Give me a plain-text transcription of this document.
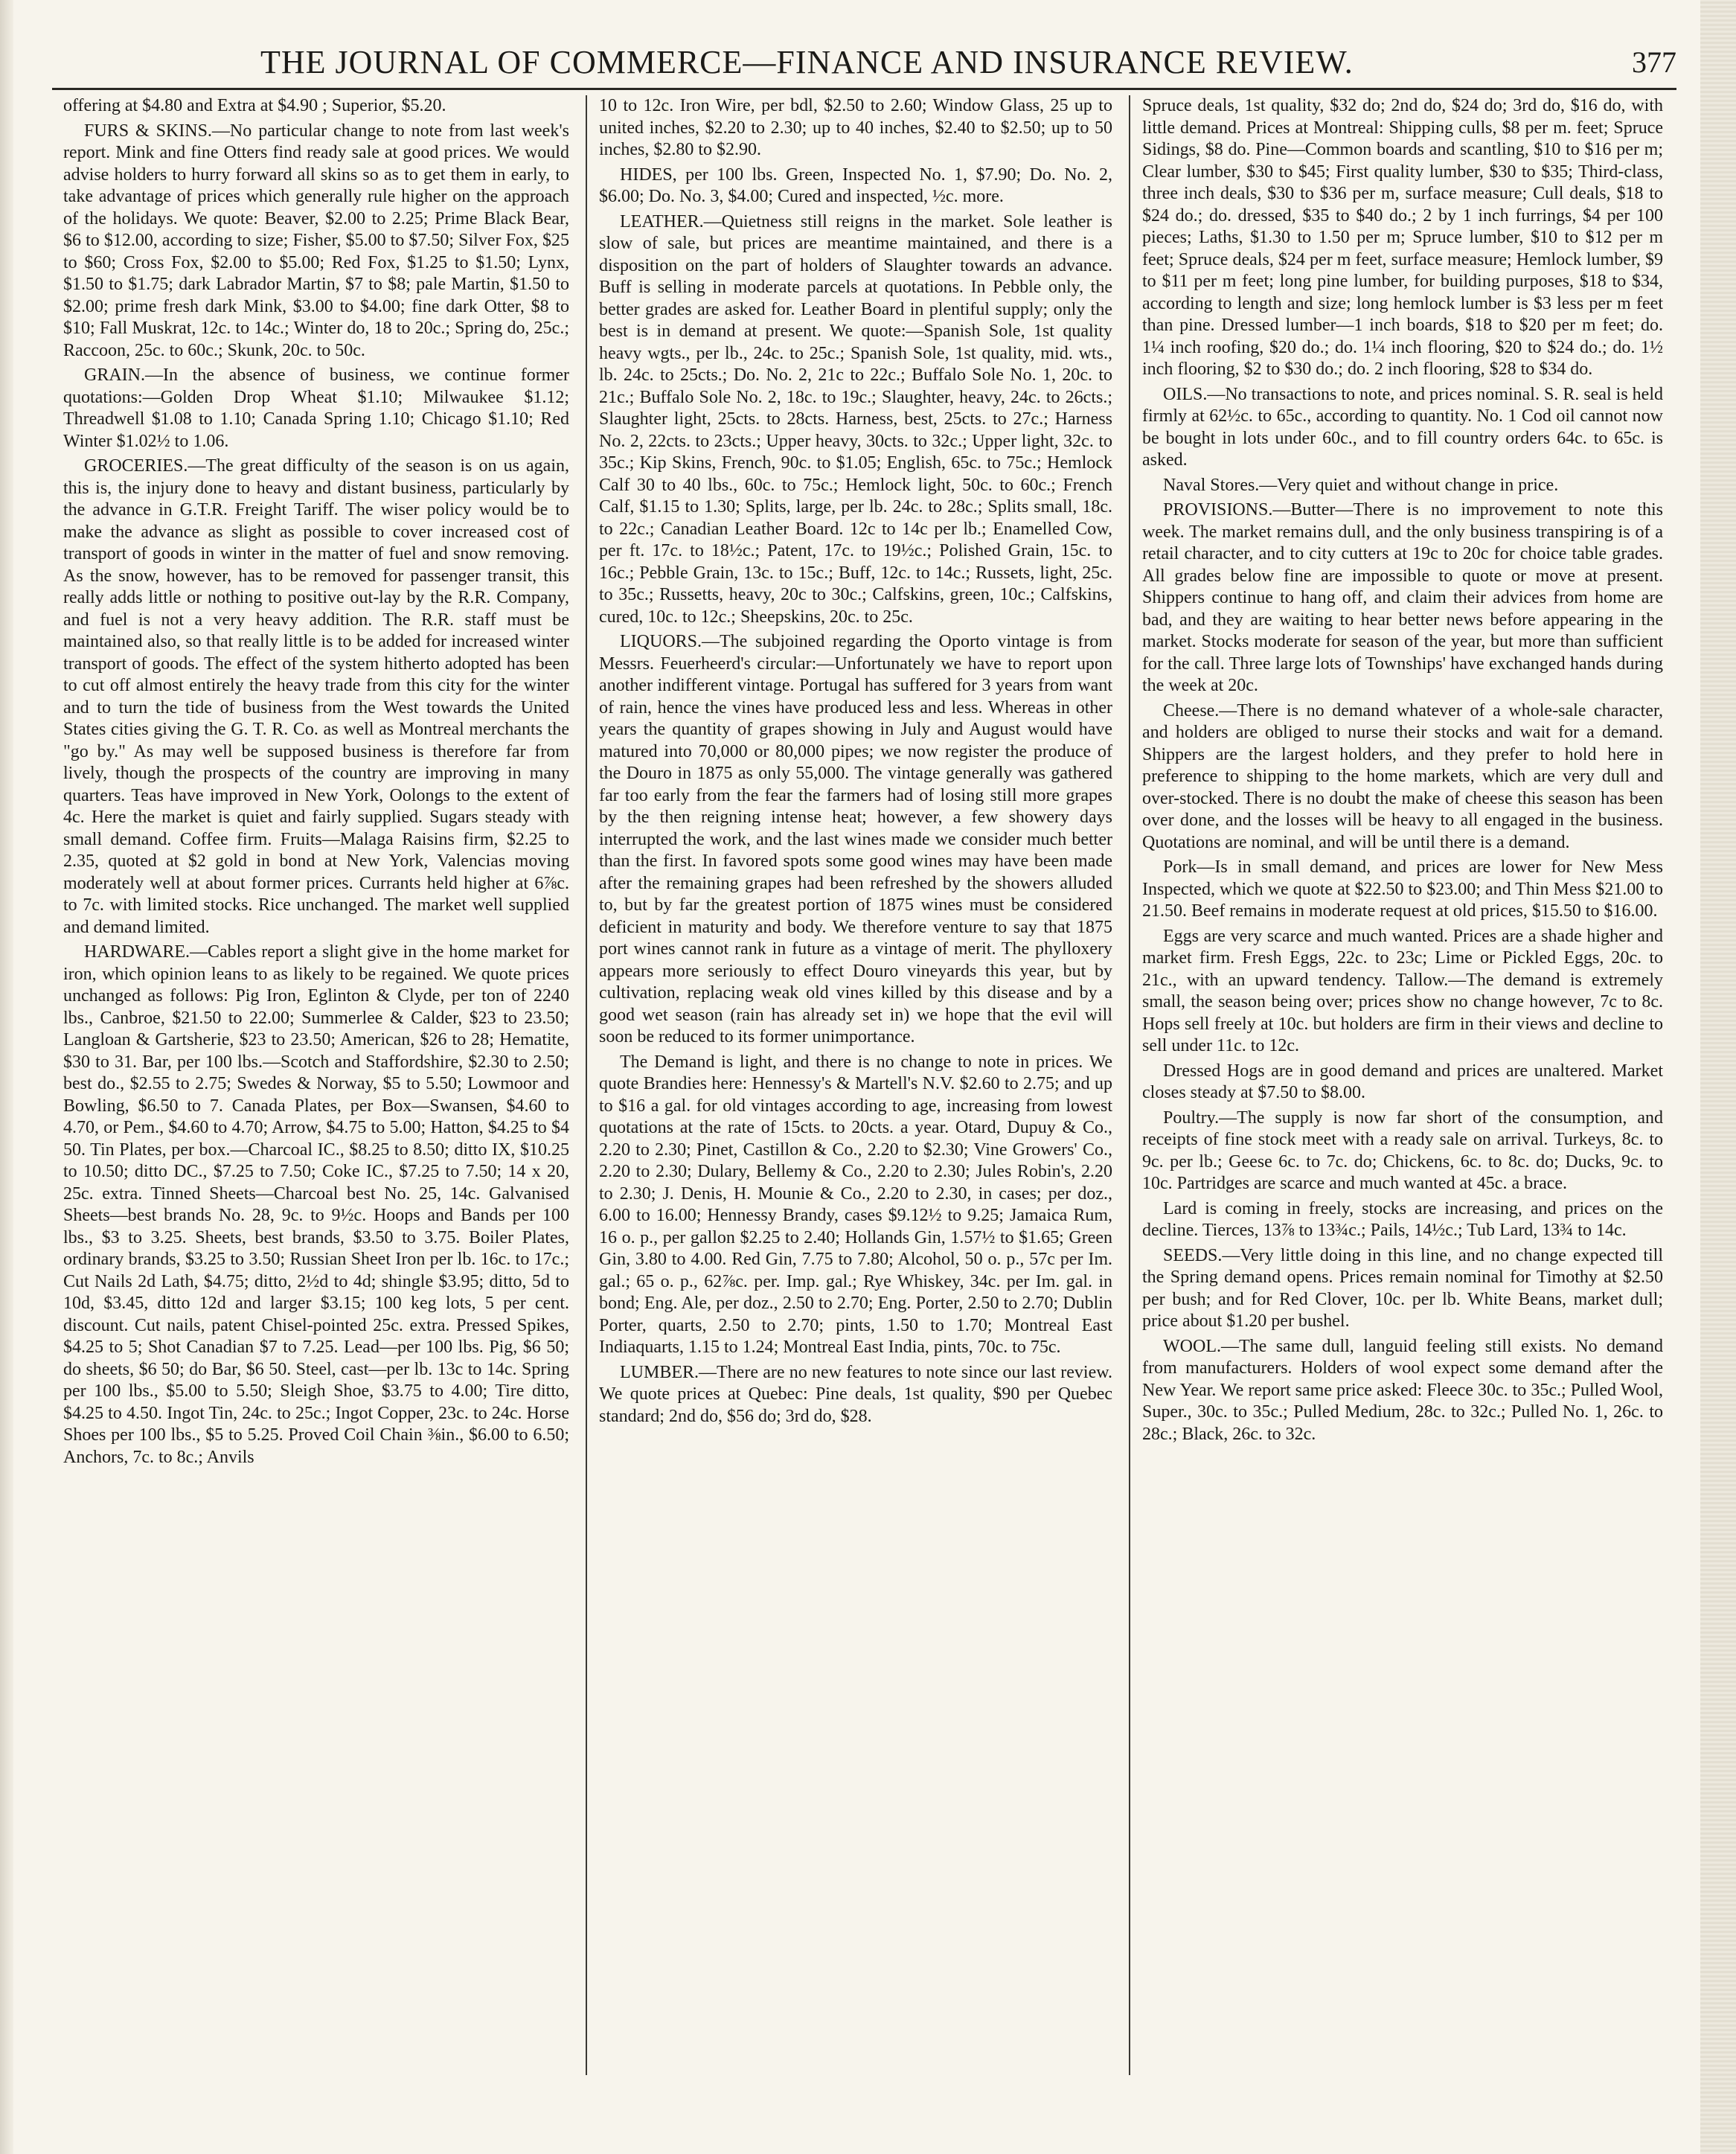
THE JOURNAL OF COMMERCE—FINANCE AND INSURANCE REVIEW.	377

offering at $4.80 and Extra at $4.90 ; Superior, $5.20.

FURS & SKINS.—No particular change to note from last week's report. Mink and fine Otters find ready sale at good prices. We would advise holders to hurry forward all skins so as to get them in early, to take advantage of prices which generally rule higher on the approach of the holidays. We quote: Beaver, $2.00 to 2.25; Prime Black Bear, $6 to $12.00, according to size; Fisher, $5.00 to $7.50; Silver Fox, $25 to $60; Cross Fox, $2.00 to $5.00; Red Fox, $1.25 to $1.50; Lynx, $1.50 to $1.75; dark Labrador Martin, $7 to $8; pale Martin, $1.50 to $2.00; prime fresh dark Mink, $3.00 to $4.00; fine dark Otter, $8 to $10; Fall Muskrat, 12c. to 14c.; Winter do, 18 to 20c.; Spring do, 25c.; Raccoon, 25c. to 60c.; Skunk, 20c. to 50c.

GRAIN.—In the absence of business, we continue former quotations:—Golden Drop Wheat $1.10; Milwaukee $1.12; Threadwell $1.08 to 1.10; Canada Spring 1.10; Chicago $1.10; Red Winter $1.02½ to 1.06.

GROCERIES.—The great difficulty of the season is on us again, this is, the injury done to heavy and distant business, particularly by the advance in G.T.R. Freight Tariff. The wiser policy would be to make the advance as slight as possible to cover increased cost of transport of goods in winter in the matter of fuel and snow removing. As the snow, however, has to be removed for passenger transit, this really adds little or nothing to positive out-lay by the R.R. Company, and fuel is not a very heavy addition. The R.R. staff must be maintained also, so that really little is to be added for increased winter transport of goods. The effect of the system hitherto adopted has been to cut off almost entirely the heavy trade from this city for the winter and to turn the tide of business from the West towards the United States cities giving the G. T. R. Co. as well as Montreal merchants the "go by." As may well be supposed business is therefore far from lively, though the prospects of the country are improving in many quarters. Teas have improved in New York, Oolongs to the extent of 4c. Here the market is quiet and fairly supplied. Sugars steady with small demand. Coffee firm. Fruits—Malaga Raisins firm, $2.25 to 2.35, quoted at $2 gold in bond at New York, Valencias moving moderately well at about former prices. Currants held higher at 6⅞c. to 7c. with limited stocks. Rice unchanged. The market well supplied and demand limited.

HARDWARE.—Cables report a slight give in the home market for iron, which opinion leans to as likely to be regained. We quote prices unchanged as follows: Pig Iron, Eglinton & Clyde, per ton of 2240 lbs., Canbroe, $21.50 to 22.00; Summerlee & Calder, $23 to 23.50; Langloan & Gartsherie, $23 to 23.50; American, $26 to 28; Hematite, $30 to 31. Bar, per 100 lbs.—Scotch and Staffordshire, $2.30 to 2.50; best do., $2.55 to 2.75; Swedes & Norway, $5 to 5.50; Lowmoor and Bowling, $6.50 to 7. Canada Plates, per Box—Swansen, $4.60 to 4.70, or Pem., $4.60 to 4.70; Arrow, $4.75 to 5.00; Hatton, $4.25 to $4 50. Tin Plates, per box.—Charcoal IC., $8.25 to 8.50; ditto IX, $10.25 to 10.50; ditto DC., $7.25 to 7.50; Coke IC., $7.25 to 7.50; 14 x 20, 25c. extra. Tinned Sheets—Charcoal best No. 25, 14c. Galvanised Sheets—best brands No. 28, 9c. to 9½c. Hoops and Bands per 100 lbs., $3 to 3.25. Sheets, best brands, $3.50 to 3.75. Boiler Plates, ordinary brands, $3.25 to 3.50; Russian Sheet Iron per lb. 16c. to 17c.; Cut Nails 2d Lath, $4.75; ditto, 2½d to 4d; shingle $3.95; ditto, 5d to 10d, $3.45, ditto 12d and larger $3.15; 100 keg lots, 5 per cent. discount. Cut nails, patent Chisel-pointed 25c. extra. Pressed Spikes, $4.25 to 5; Shot Canadian $7 to 7.25. Lead—per 100 lbs. Pig, $6 50; do sheets, $6 50; do Bar, $6 50. Steel, cast—per lb. 13c to 14c. Spring per 100 lbs., $5.00 to 5.50; Sleigh Shoe, $3.75 to 4.00; Tire ditto, $4.25 to 4.50. Ingot Tin, 24c. to 25c.; Ingot Copper, 23c. to 24c. Horse Shoes per 100 lbs., $5 to 5.25. Proved Coil Chain ⅜in., $6.00 to 6.50; Anchors, 7c. to 8c.; Anvils

10 to 12c. Iron Wire, per bdl, $2.50 to 2.60; Window Glass, 25 up to united inches, $2.20 to 2.30; up to 40 inches, $2.40 to $2.50; up to 50 inches, $2.80 to $2.90.

HIDES, per 100 lbs. Green, Inspected No. 1, $7.90; Do. No. 2, $6.00; Do. No. 3, $4.00; Cured and inspected, ½c. more.

LEATHER.—Quietness still reigns in the market. Sole leather is slow of sale, but prices are meantime maintained, and there is a disposition on the part of holders of Slaughter towards an advance. Buff is selling in moderate parcels at quotations. In Pebble only, the better grades are asked for. Leather Board in plentiful supply; only the best is in demand at present. We quote:—Spanish Sole, 1st quality heavy wgts., per lb., 24c. to 25c.; Spanish Sole, 1st quality, mid. wts., lb. 24c. to 25cts.; Do. No. 2, 21c to 22c.; Buffalo Sole No. 1, 20c. to 21c.; Buffalo Sole No. 2, 18c. to 19c.; Slaughter, heavy, 24c. to 26cts.; Slaughter light, 25cts. to 28cts. Harness, best, 25cts. to 27c.; Harness No. 2, 22cts. to 23cts.; Upper heavy, 30cts. to 32c.; Upper light, 32c. to 35c.; Kip Skins, French, 90c. to $1.05; English, 65c. to 75c.; Hemlock Calf 30 to 40 lbs., 60c. to 75c.; Hemlock light, 50c. to 60c.; French Calf, $1.15 to 1.30; Splits, large, per lb. 24c. to 28c.; Splits small, 18c. to 22c.; Canadian Leather Board. 12c to 14c per lb.; Enamelled Cow, per ft. 17c. to 18½c.; Patent, 17c. to 19½c.; Polished Grain, 15c. to 16c.; Pebble Grain, 13c. to 15c.; Buff, 12c. to 14c.; Russets, light, 25c. to 35c.; Russetts, heavy, 20c to 30c.; Calfskins, green, 10c.; Calfskins, cured, 10c. to 12c.; Sheepskins, 20c. to 25c.

LIQUORS.—The subjoined regarding the Oporto vintage is from Messrs. Feuerheerd's circular:—Unfortunately we have to report upon another indifferent vintage. Portugal has suffered for 3 years from want of rain, hence the vines have produced less and less. Whereas in other years the quantity of grapes showing in July and August would have matured into 70,000 or 80,000 pipes; we now register the produce of the Douro in 1875 as only 55,000. The vintage generally was gathered far too early from the fear the farmers had of losing still more grapes by the then reigning intense heat; however, a few showery days interrupted the work, and the last wines made we consider much better than the first. In favored spots some good wines may have been made after the remaining grapes had been refreshed by the showers alluded to, but by far the greatest portion of 1875 wines must be considered deficient in maturity and body. We therefore venture to say that 1875 port wines cannot rank in future as a vintage of merit. The phylloxery appears more seriously to effect Douro vineyards this year, but by cultivation, replacing weak old vines killed by this disease and by a good wet season (rain has already set in) we hope that the evil will soon be reduced to its former unimportance.

The Demand is light, and there is no change to note in prices. We quote Brandies here: Hennessy's & Martell's N.V. $2.60 to 2.75; and up to $16 a gal. for old vintages according to age, increasing from lowest quotations at the rate of 15cts. to 20cts. a year. Otard, Dupuy & Co., 2.20 to 2.30; Pinet, Castillon & Co., 2.20 to $2.30; Vine Growers' Co., 2.20 to 2.30; Dulary, Bellemy & Co., 2.20 to 2.30; Jules Robin's, 2.20 to 2.30; J. Denis, H. Mounie & Co., 2.20 to 2.30, in cases; per doz., 6.00 to 16.00; Hennessy Brandy, cases $9.12½ to 9.25; Jamaica Rum, 16 o. p., per gallon $2.25 to 2.40; Hollands Gin, 1.57½ to $1.65; Green Gin, 3.80 to 4.00. Red Gin, 7.75 to 7.80; Alcohol, 50 o. p., 57c per Im. gal.; 65 o. p., 62⅞c. per. Imp. gal.; Rye Whiskey, 34c. per Im. gal. in bond; Eng. Ale, per doz., 2.50 to 2.70; Eng. Porter, 2.50 to 2.70; Dublin Porter, quarts, 2.50 to 2.70; pints, 1.50 to 1.70; Montreal East Indiaquarts, 1.15 to 1.24; Montreal East India, pints, 70c. to 75c.

LUMBER.—There are no new features to note since our last review. We quote prices at Quebec: Pine deals, 1st quality, $90 per Quebec standard; 2nd do, $56 do; 3rd do, $28.

Spruce deals, 1st quality, $32 do; 2nd do, $24 do; 3rd do, $16 do, with little demand. Prices at Montreal: Shipping culls, $8 per m. feet; Spruce Sidings, $8 do. Pine—Common boards and scantling, $10 to $16 per m; Clear lumber, $30 to $45; First quality lumber, $30 to $35; Third-class, three inch deals, $30 to $36 per m, surface measure; Cull deals, $18 to $24 do.; do. dressed, $35 to $40 do.; 2 by 1 inch furrings, $4 per 100 pieces; Laths, $1.30 to 1.50 per m; Spruce lumber, $10 to $12 per m feet; Spruce deals, $24 per m feet, surface measure; Hemlock lumber, $9 to $11 per m feet; long pine lumber, for building purposes, $18 to $34, according to length and size; long hemlock lumber is $3 less per m feet than pine. Dressed lumber—1 inch boards, $18 to $20 per m feet; do. 1¼ inch roofing, $20 do.; do. 1¼ inch flooring, $20 to $24 do.; do. 1½ inch flooring, $2 to $30 do.; do. 2 inch flooring, $28 to $34 do.

OILS.—No transactions to note, and prices nominal. S. R. seal is held firmly at 62½c. to 65c., according to quantity. No. 1 Cod oil cannot now be bought in lots under 60c., and to fill country orders 64c. to 65c. is asked.

Naval Stores.—Very quiet and without change in price.

PROVISIONS.—Butter—There is no improvement to note this week. The market remains dull, and the only business transpiring is of a retail character, and to city cutters at 19c to 20c for choice table grades. All grades below fine are impossible to quote or move at present. Shippers continue to hang off, and claim their advices from home are bad, and they are waiting to hear better news before appearing in the market. Stocks moderate for season of the year, but more than sufficient for the call. Three large lots of Townships' have exchanged hands during the week at 20c.

Cheese.—There is no demand whatever of a whole-sale character, and holders are obliged to nurse their stocks and wait for a demand. Shippers are the largest holders, and they prefer to hold here in preference to shipping to the home markets, which are very dull and over-stocked. There is no doubt the make of cheese this season has been over done, and the losses will be heavy to all engaged in the business. Quotations are nominal, and will be until there is a demand.

Pork—Is in small demand, and prices are lower for New Mess Inspected, which we quote at $22.50 to $23.00; and Thin Mess $21.00 to 21.50. Beef remains in moderate request at old prices, $15.50 to $16.00.

Eggs are very scarce and much wanted. Prices are a shade higher and market firm. Fresh Eggs, 22c. to 23c; Lime or Pickled Eggs, 20c. to 21c., with an upward tendency. Tallow.—The demand is extremely small, the season being over; prices show no change however, 7c to 8c. Hops sell freely at 10c. but holders are firm in their views and decline to sell under 11c. to 12c.

Dressed Hogs are in good demand and prices are unaltered. Market closes steady at $7.50 to $8.00.

Poultry.—The supply is now far short of the consumption, and receipts of fine stock meet with a ready sale on arrival. Turkeys, 8c. to 9c. per lb.; Geese 6c. to 7c. do; Chickens, 6c. to 8c. do; Ducks, 9c. to 10c. Partridges are scarce and much wanted at 45c. a brace.

Lard is coming in freely, stocks are increasing, and prices on the decline. Tierces, 13⅞ to 13¾c.; Pails, 14½c.; Tub Lard, 13¾ to 14c.

SEEDS.—Very little doing in this line, and no change expected till the Spring demand opens. Prices remain nominal for Timothy at $2.50 per bush; and for Red Clover, 10c. per lb. White Beans, market dull; price about $1.20 per bushel.

WOOL.—The same dull, languid feeling still exists. No demand from manufacturers. Holders of wool expect some demand after the New Year. We report same price asked: Fleece 30c. to 35c.; Pulled Wool, Super., 30c. to 35c.; Pulled Medium, 28c. to 32c.; Pulled No. 1, 26c. to 28c.; Black, 26c. to 32c.
